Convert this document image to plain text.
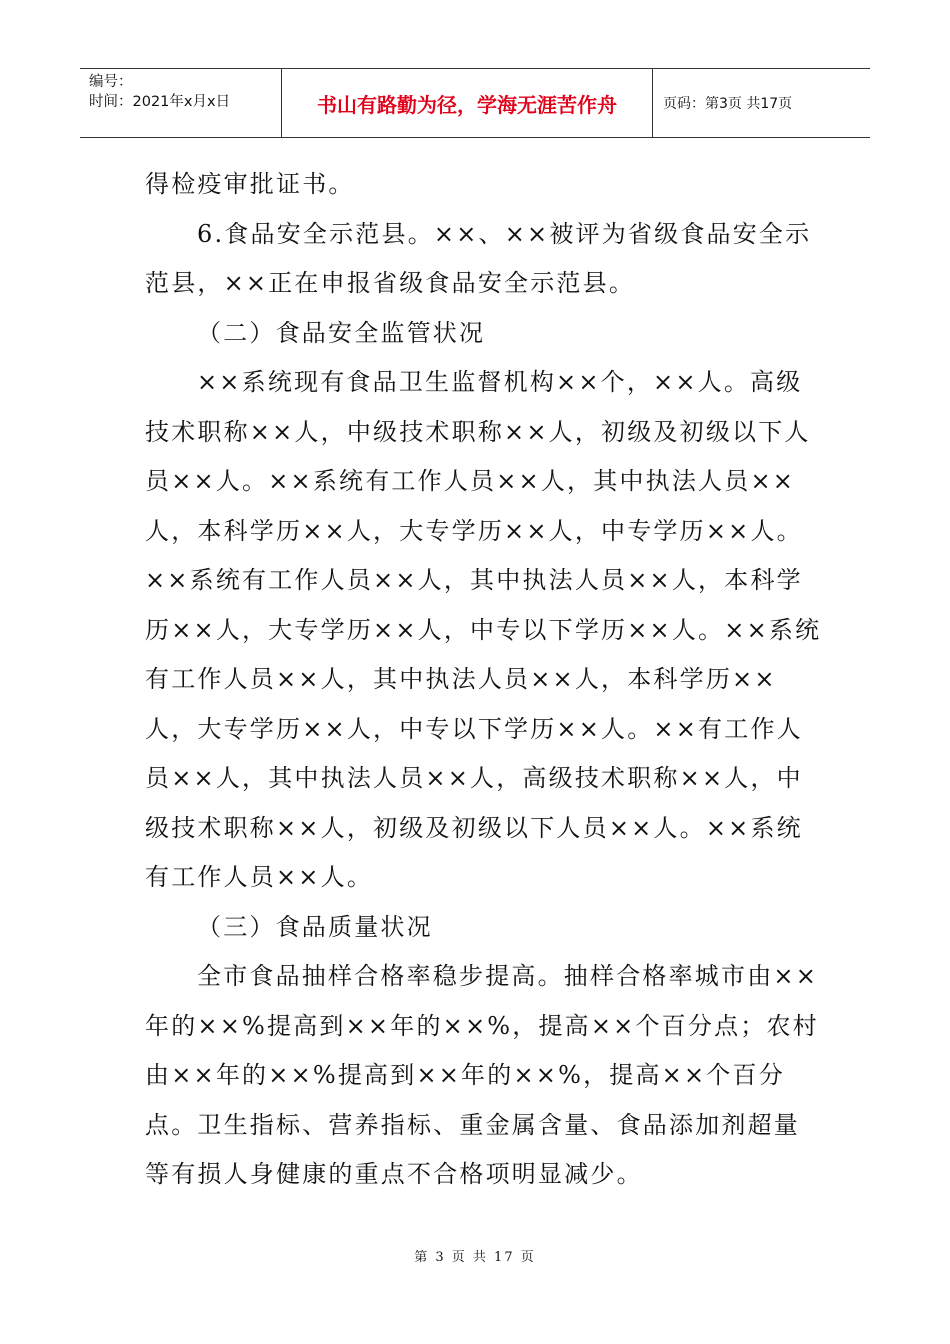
编号：
时间：2021年x月x日	书山有路勤为径，学海无涯苦作舟	页码：第3页 共17页

得检疫审批证书。

6.食品安全示范县。××、××被评为省级食品安全示范县，××正在申报省级食品安全示范县。

（二）食品安全监管状况

××系统现有食品卫生监督机构××个，××人。高级技术职称××人，中级技术职称××人，初级及初级以下人员××人。××系统有工作人员××人，其中执法人员××人，本科学历××人，大专学历××人，中专学历××人。××系统有工作人员××人，其中执法人员××人，本科学历××人，大专学历××人，中专以下学历××人。××系统有工作人员××人，其中执法人员××人，本科学历××人，大专学历××人，中专以下学历××人。××有工作人员××人，其中执法人员××人，高级技术职称××人，中级技术职称××人，初级及初级以下人员××人。××系统有工作人员××人。

（三）食品质量状况

全市食品抽样合格率稳步提高。抽样合格率城市由××年的××%提高到××年的××%，提高××个百分点；农村由××年的××%提高到××年的××%，提高××个百分点。卫生指标、营养指标、重金属含量、食品添加剂超量等有损人身健康的重点不合格项明显减少。

第 3 页 共 17 页
